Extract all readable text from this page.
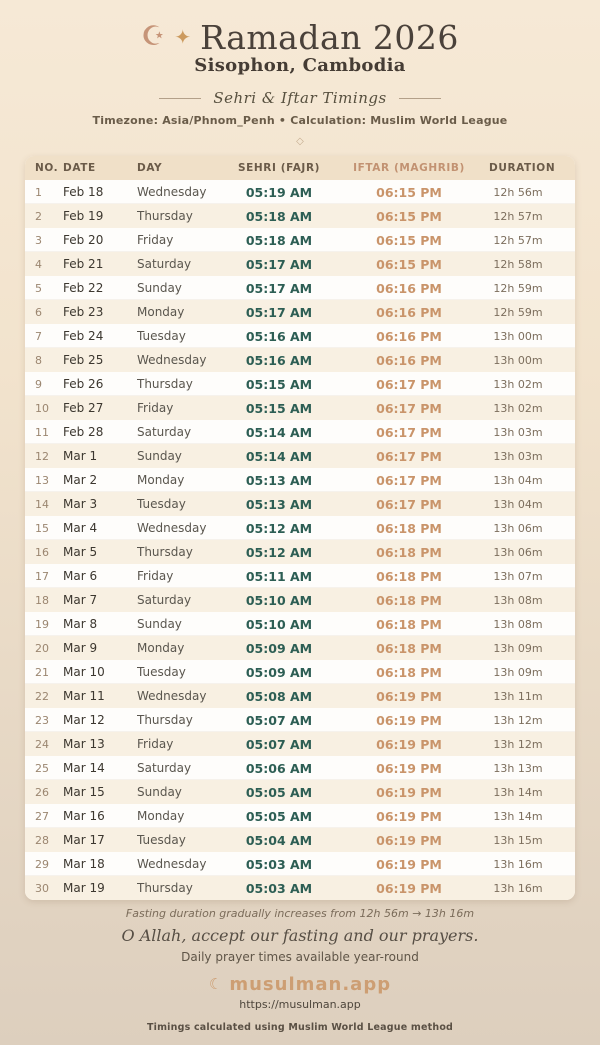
☪ ✦ Ramadan 2026
Sisophon, Cambodia
Sehri & Iftar Timings
Timezone: Asia/Phnom_Penh • Calculation: Muslim World League
◇
NO.	DATE	DAY	SEHRI (FAJR)	IFTAR (MAGHRIB)	DURATION
1	Feb 18	Wednesday	05:19 AM	06:15 PM	12h 56m
2	Feb 19	Thursday	05:18 AM	06:15 PM	12h 57m
3	Feb 20	Friday	05:18 AM	06:15 PM	12h 57m
4	Feb 21	Saturday	05:17 AM	06:15 PM	12h 58m
5	Feb 22	Sunday	05:17 AM	06:16 PM	12h 59m
6	Feb 23	Monday	05:17 AM	06:16 PM	12h 59m
7	Feb 24	Tuesday	05:16 AM	06:16 PM	13h 00m
8	Feb 25	Wednesday	05:16 AM	06:16 PM	13h 00m
9	Feb 26	Thursday	05:15 AM	06:17 PM	13h 02m
10	Feb 27	Friday	05:15 AM	06:17 PM	13h 02m
11	Feb 28	Saturday	05:14 AM	06:17 PM	13h 03m
12	Mar 1	Sunday	05:14 AM	06:17 PM	13h 03m
13	Mar 2	Monday	05:13 AM	06:17 PM	13h 04m
14	Mar 3	Tuesday	05:13 AM	06:17 PM	13h 04m
15	Mar 4	Wednesday	05:12 AM	06:18 PM	13h 06m
16	Mar 5	Thursday	05:12 AM	06:18 PM	13h 06m
17	Mar 6	Friday	05:11 AM	06:18 PM	13h 07m
18	Mar 7	Saturday	05:10 AM	06:18 PM	13h 08m
19	Mar 8	Sunday	05:10 AM	06:18 PM	13h 08m
20	Mar 9	Monday	05:09 AM	06:18 PM	13h 09m
21	Mar 10	Tuesday	05:09 AM	06:18 PM	13h 09m
22	Mar 11	Wednesday	05:08 AM	06:19 PM	13h 11m
23	Mar 12	Thursday	05:07 AM	06:19 PM	13h 12m
24	Mar 13	Friday	05:07 AM	06:19 PM	13h 12m
25	Mar 14	Saturday	05:06 AM	06:19 PM	13h 13m
26	Mar 15	Sunday	05:05 AM	06:19 PM	13h 14m
27	Mar 16	Monday	05:05 AM	06:19 PM	13h 14m
28	Mar 17	Tuesday	05:04 AM	06:19 PM	13h 15m
29	Mar 18	Wednesday	05:03 AM	06:19 PM	13h 16m
30	Mar 19	Thursday	05:03 AM	06:19 PM	13h 16m
Fasting duration gradually increases from 12h 56m → 13h 16m
O Allah, accept our fasting and our prayers.
Daily prayer times available year-round
☾ musulman.app
https://musulman.app
Timings calculated using Muslim World League method
